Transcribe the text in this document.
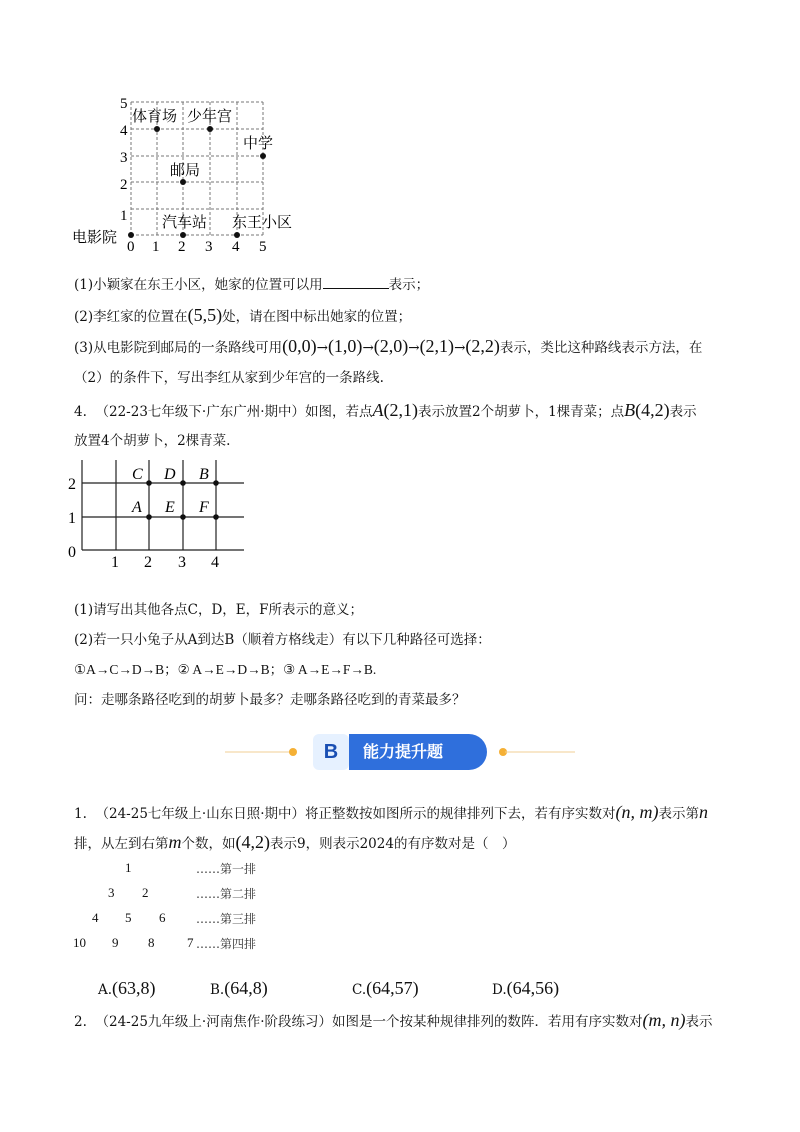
5
4
3
2
1
0 1 2 3 4 5
体育场 少年宫
中学
邮局
汽车站 东王小区
电影院
(1)小颖家在东王小区，她家的位置可以用	表示；
(2)李红家的位置在(5,5)处，请在图中标出她家的位置；
(3)从电影院到邮局的一条路线可用(0,0)→(1,0)→(2,0)→(2,1)→(2,2)表示，类比这种路线表示方法，在
（2）的条件下，写出李红从家到少年宫的一条路线.
4. （22-23七年级下·广东广州·期中）如图，若点A(2,1)表示放置2个胡萝卜，1棵青菜；点B(4,2)表示
放置4个胡萝卜，2棵青菜.
2
1
0
1 2 3 4
C D B
A E F
(1)请写出其他各点C，D，E，F所表示的意义；
(2)若一只小兔子从A到达B（顺着方格线走）有以下几种路径可选择：
①A→C→D→B；② A→E→D→B；③ A→E→F→B.
问：走哪条路径吃到的胡萝卜最多？走哪条路径吃到的青菜最多？
B	能力提升题
1. （24-25七年级上·山东日照·期中）将正整数按如图所示的规律排列下去，若有序实数对(n, m)表示第n
排，从左到右第m个数，如(4,2)表示9，则表示2024的有序数对是（　）
1
3 2
4 5 6
10 9 8	7
……第一排
……第二排
……第三排
……第四排
A.(63,8)	B.(64,8)	C.(64,57)	D.(64,56)
2. （24-25九年级上·河南焦作·阶段练习）如图是一个按某种规律排列的数阵．若用有序实数对(m, n)表示
